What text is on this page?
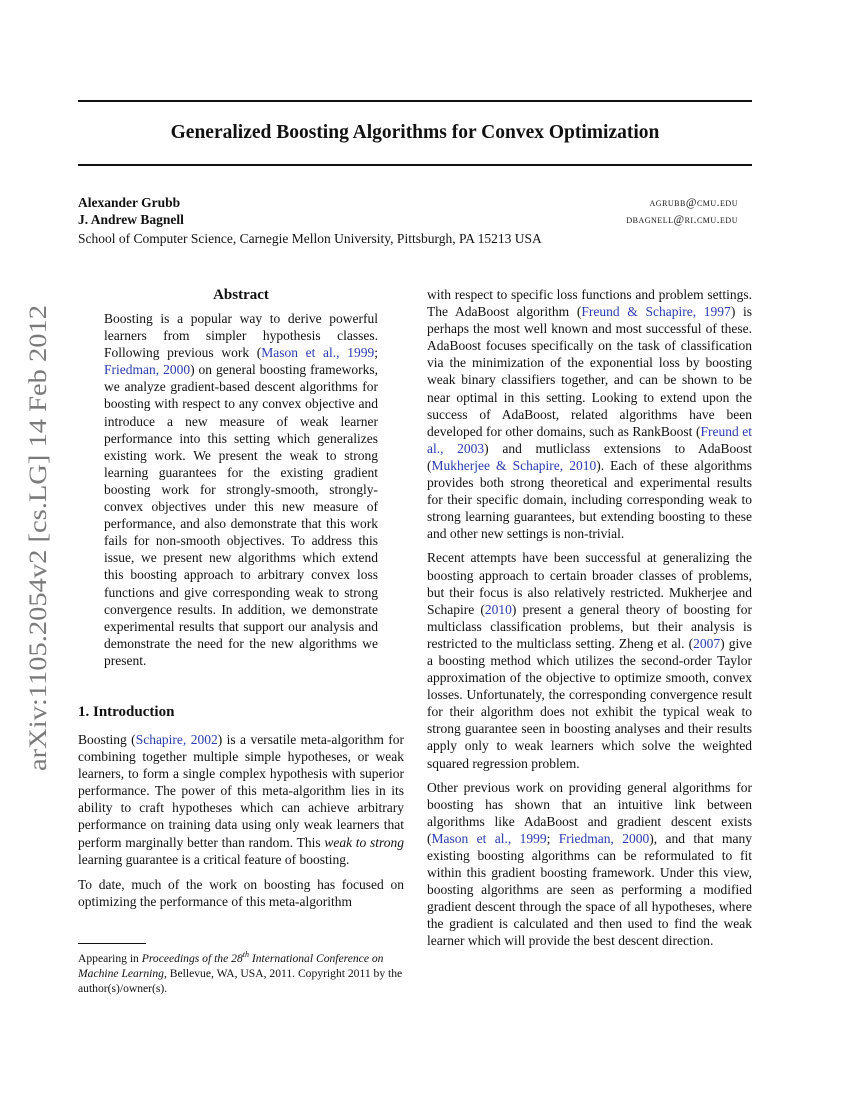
Generalized Boosting Algorithms for Convex Optimization
Alexander Grubb	agrubb@cmu.edu
J. Andrew Bagnell	dbagnell@ri.cmu.edu
School of Computer Science, Carnegie Mellon University, Pittsburgh, PA 15213 USA
arXiv:1105.2054v2 [cs.LG] 14 Feb 2012
Abstract
Boosting is a popular way to derive powerful learners from simpler hypothesis classes. Following previous work (Mason et al., 1999; Friedman, 2000) on general boosting frameworks, we analyze gradient-based descent algorithms for boosting with respect to any convex objective and introduce a new measure of weak learner performance into this setting which generalizes existing work. We present the weak to strong learning guarantees for the existing gradient boosting work for strongly-smooth, strongly-convex objectives under this new measure of performance, and also demonstrate that this work fails for non-smooth objectives. To address this issue, we present new algorithms which extend this boosting approach to arbitrary convex loss functions and give corresponding weak to strong convergence results. In addition, we demonstrate experimental results that support our analysis and demonstrate the need for the new algorithms we present.
1. Introduction

Boosting (Schapire, 2002) is a versatile meta-algorithm for combining together multiple simple hypotheses, or weak learners, to form a single complex hypothesis with superior performance. The power of this meta-algorithm lies in its ability to craft hypotheses which can achieve arbitrary performance on training data using only weak learners that perform marginally better than random. This weak to strong learning guarantee is a critical feature of boosting.

To date, much of the work on boosting has focused on optimizing the performance of this meta-algorithm

with respect to specific loss functions and problem settings. The AdaBoost algorithm (Freund & Schapire, 1997) is perhaps the most well known and most successful of these. AdaBoost focuses specifically on the task of classification via the minimization of the exponential loss by boosting weak binary classifiers together, and can be shown to be near optimal in this setting. Looking to extend upon the success of AdaBoost, related algorithms have been developed for other domains, such as RankBoost (Freund et al., 2003) and mutliclass extensions to AdaBoost (Mukherjee & Schapire, 2010). Each of these algorithms provides both strong theoretical and experimental results for their specific domain, including corresponding weak to strong learning guarantees, but extending boosting to these and other new settings is non-trivial.

Recent attempts have been successful at generalizing the boosting approach to certain broader classes of problems, but their focus is also relatively restricted. Mukherjee and Schapire (2010) present a general theory of boosting for multiclass classification problems, but their analysis is restricted to the multiclass setting. Zheng et al. (2007) give a boosting method which utilizes the second-order Taylor approximation of the objective to optimize smooth, convex losses. Unfortunately, the corresponding convergence result for their algorithm does not exhibit the typical weak to strong guarantee seen in boosting analyses and their results apply only to weak learners which solve the weighted squared regression problem.

Other previous work on providing general algorithms for boosting has shown that an intuitive link between algorithms like AdaBoost and gradient descent exists (Mason et al., 1999; Friedman, 2000), and that many existing boosting algorithms can be reformulated to fit within this gradient boosting framework. Under this view, boosting algorithms are seen as performing a modified gradient descent through the space of all hypotheses, where the gradient is calculated and then used to find the weak learner which will provide the best descent direction.

Appearing in Proceedings of the 28th International Conference on Machine Learning, Bellevue, WA, USA, 2011. Copyright 2011 by the author(s)/owner(s).
